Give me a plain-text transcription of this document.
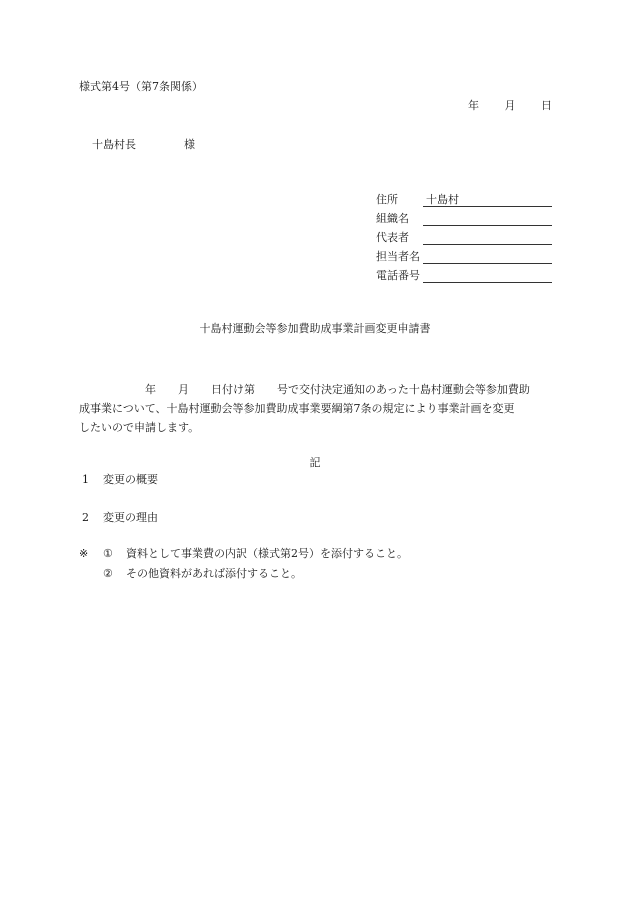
様式第4号（第7条関係）
年 月 日
十島村長	様
住所	十島村
組織名
代表者
担当者名
電話番号
十島村運動会等参加費助成事業計画変更申請書
　　　　　　年　　月　　日付け第　　号で交付決定通知のあった十島村運動会等参加費助
成事業について、十島村運動会等参加費助成事業要綱第7条の規定により事業計画を変更
したいので申請します。
記
1 変更の概要
2 変更の理由
※ ① 資料として事業費の内訳（様式第2号）を添付すること。
② その他資料があれば添付すること。
